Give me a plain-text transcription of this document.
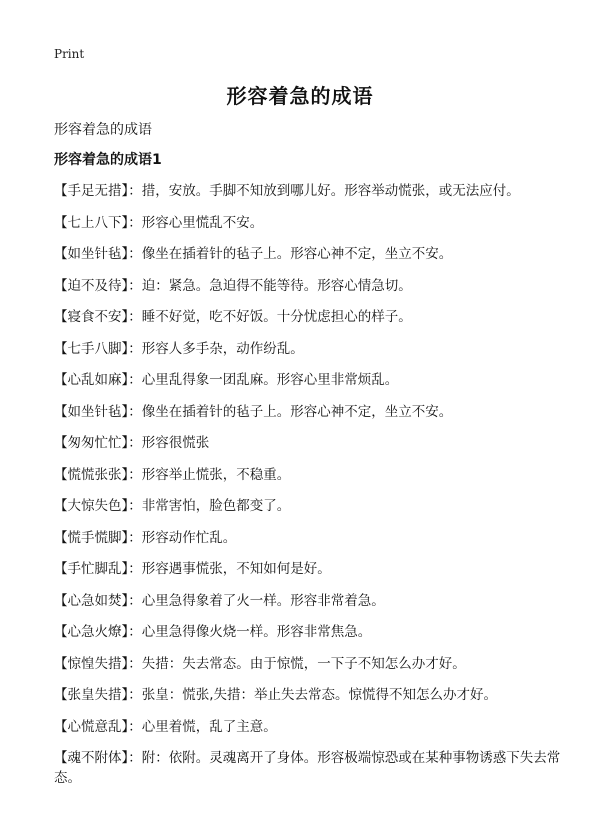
Print
形容着急的成语
形容着急的成语
形容着急的成语1
【手足无措】：措，安放。手脚不知放到哪儿好。形容举动慌张，或无法应付。
【七上八下】：形容心里慌乱不安。
【如坐针毡】：像坐在插着针的毡子上。形容心神不定，坐立不安。
【迫不及待】：迫：紧急。急迫得不能等待。形容心情急切。
【寝食不安】：睡不好觉，吃不好饭。十分忧虑担心的样子。
【七手八脚】：形容人多手杂，动作纷乱。
【心乱如麻】：心里乱得象一团乱麻。形容心里非常烦乱。
【如坐针毡】：像坐在插着针的毡子上。形容心神不定，坐立不安。
【匆匆忙忙】：形容很慌张
【慌慌张张】：形容举止慌张，不稳重。
【大惊失色】：非常害怕，脸色都变了。
【慌手慌脚】：形容动作忙乱。
【手忙脚乱】：形容遇事慌张，不知如何是好。
【心急如焚】：心里急得象着了火一样。形容非常着急。
【心急火燎】：心里急得像火烧一样。形容非常焦急。
【惊惶失措】：失措：失去常态。由于惊慌，一下子不知怎么办才好。
【张皇失措】：张皇：慌张,失措：举止失去常态。惊慌得不知怎么办才好。
【心慌意乱】：心里着慌，乱了主意。
【魂不附体】：附：依附。灵魂离开了身体。形容极端惊恐或在某种事物诱惑下失去常态。
